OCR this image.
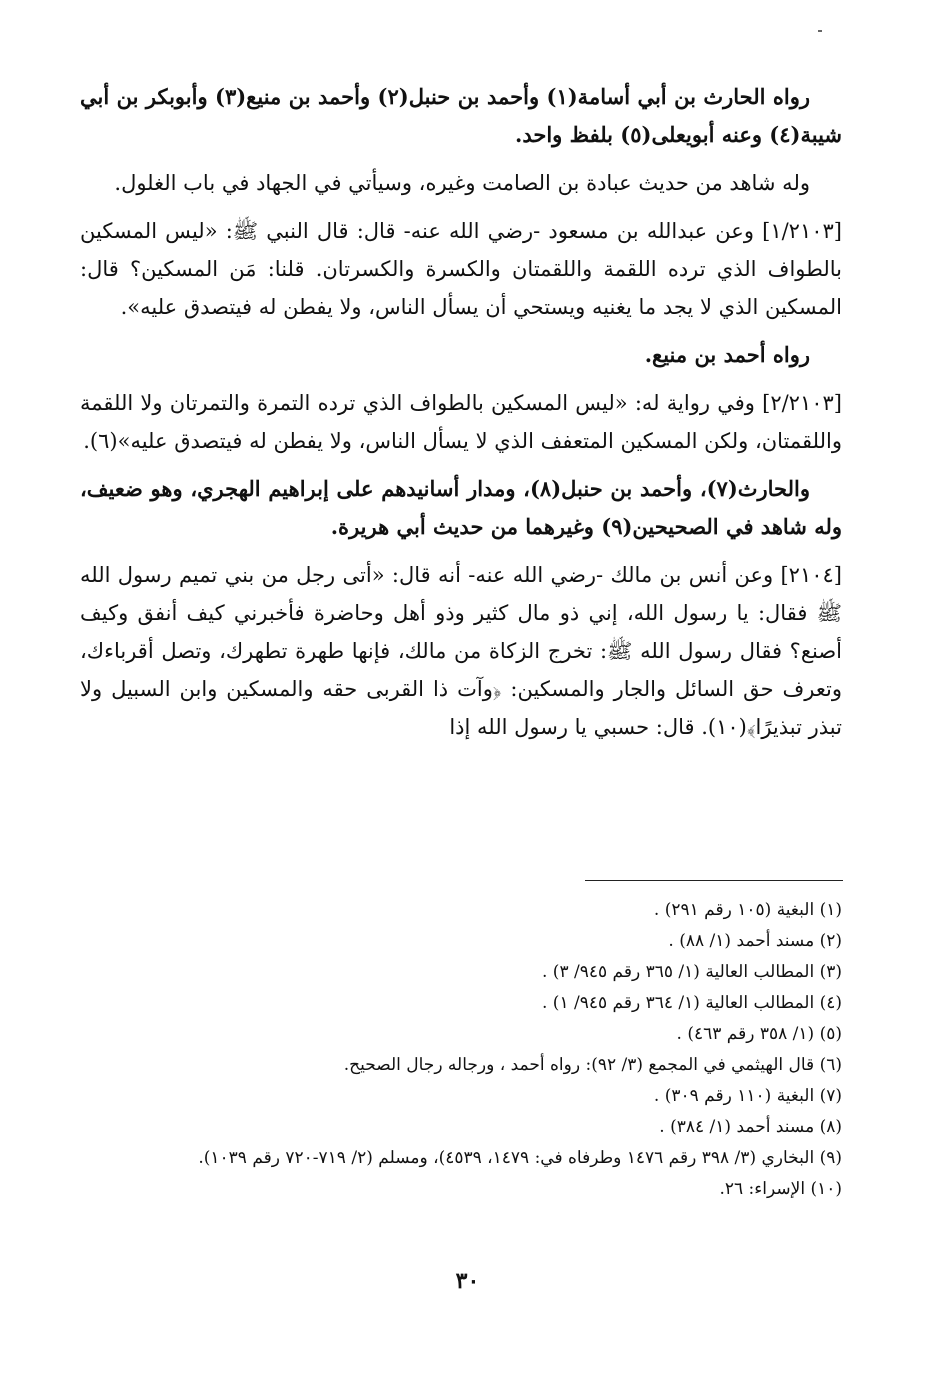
رواه الحارث بن أبي أسامة(١) وأحمد بن حنبل(٢) وأحمد بن منيع(٣) وأبوبكر بن أبي شيبة(٤) وعنه أبويعلى(٥) بلفظ واحد.

وله شاهد من حديث عبادة بن الصامت وغيره، وسيأتي في الجهاد في باب الغلول.

[١/٢١٠٣] وعن عبدالله بن مسعود -رضي الله عنه- قال: قال النبي ﷺ: «ليس المسكين بالطواف الذي ترده اللقمة واللقمتان والكسرة والكسرتان. قلنا: مَن المسكين؟ قال: المسكين الذي لا يجد ما يغنيه ويستحي أن يسأل الناس، ولا يفطن له فيتصدق عليه».

رواه أحمد بن منيع.

[٢/٢١٠٣] وفي رواية له: «ليس المسكين بالطواف الذي ترده التمرة والتمرتان ولا اللقمة واللقمتان، ولكن المسكين المتعفف الذي لا يسأل الناس، ولا يفطن له فيتصدق عليه»(٦).

والحارث(٧)، وأحمد بن حنبل(٨)، ومدار أسانيدهم على إبراهيم الهجري، وهو ضعيف، وله شاهد في الصحيحين(٩) وغيرهما من حديث أبي هريرة.

[٢١٠٤] وعن أنس بن مالك -رضي الله عنه- أنه قال: «أتى رجل من بني تميم رسول الله ﷺ فقال: يا رسول الله، إني ذو مال كثير وذو أهل وحاضرة فأخبرني كيف أنفق وكيف أصنع؟ فقال رسول الله ﷺ: تخرج الزكاة من مالك، فإنها طهرة تطهرك، وتصل أقرباءك، وتعرف حق السائل والجار والمسكين: ﴿وآت ذا القربى حقه والمسكين وابن السبيل ولا تبذر تبذيرًا﴾(١٠). قال: حسبي يا رسول الله إذا

(١) البغية (١٠٥ رقم ٢٩١) .

(٢) مسند أحمد (١/ ٨٨) .

(٣) المطالب العالية (١/ ٣٦٥ رقم ٩٤٥/ ٣) .

(٤) المطالب العالية (١/ ٣٦٤ رقم ٩٤٥/ ١) .

(٥) (١/ ٣٥٨ رقم ٤٦٣) .

(٦) قال الهيثمي في المجمع (٣/ ٩٢): رواه أحمد ، ورجاله رجال الصحيح.

(٧) البغية (١١٠ رقم ٣٠٩) .

(٨) مسند أحمد (١/ ٣٨٤) .

(٩) البخاري (٣/ ٣٩٨ رقم ١٤٧٦ وطرفاه في: ١٤٧٩، ٤٥٣٩)، ومسلم (٢/ ٧١٩-٧٢٠ رقم ١٠٣٩).

(١٠) الإسراء: ٢٦.

٣٠
